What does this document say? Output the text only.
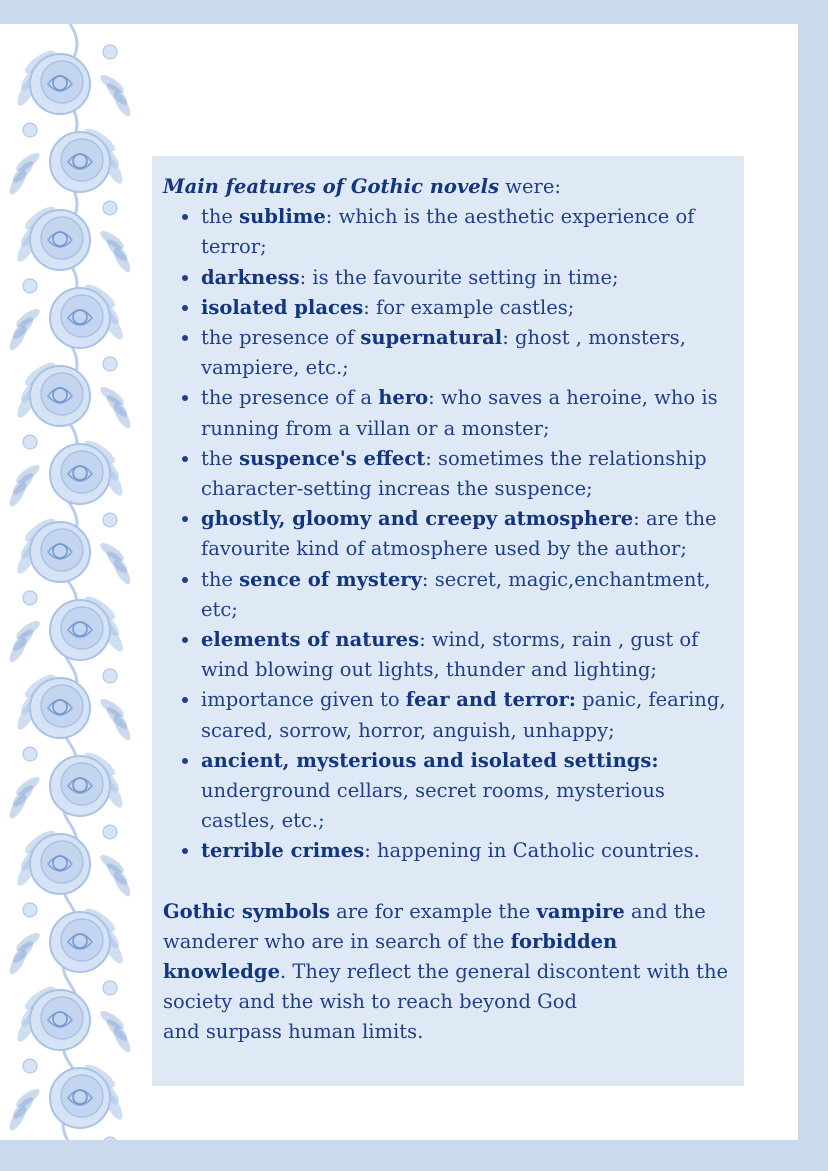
Main features of Gothic novels were:

• the sublime: which is the aesthetic experience of terror;
• darkness: is the favourite setting in time;
• isolated places: for example castles;
• the presence of supernatural: ghost , monsters, vampiere, etc.;
• the presence of a hero: who saves a heroine, who is running from a villan or a monster;
• the suspence's effect: sometimes the relationship character-setting increas the suspence;
• ghostly, gloomy and creepy atmosphere: are the favourite kind of atmosphere used by the author;
• the sence of mystery: secret, magic,enchantment, etc;
• elements of natures: wind, storms, rain , gust of wind blowing out lights, thunder and lighting;
• importance given to fear and terror: panic, fearing, scared, sorrow, horror, anguish, unhappy;
• ancient, mysterious and isolated settings: underground cellars, secret rooms, mysterious castles, etc.;
• terrible crimes: happening in Catholic countries.

Gothic symbols are for example the vampire and the wanderer who are in search of the forbidden knowledge. They reflect the general discontent with the society and the wish to reach beyond God
and surpass human limits.
